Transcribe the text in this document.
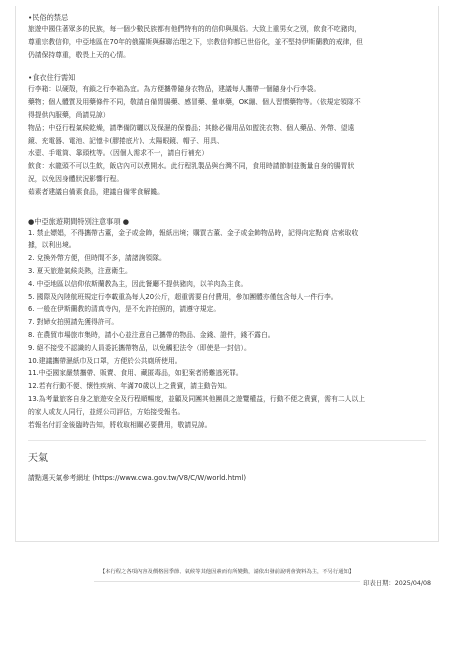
•民俗的禁忌

旅遊中國住著眾多的民族，每一個少數民族都有他們特有的的信仰與風俗。大致上重男女之別，飲食不吃豬肉，

尊重宗教信仰，中亞地區在70年的俄羅斯與蘇聯治理之下，宗教信仰都已世俗化，並不堅持伊斯蘭教的戒律，但

仍請保持尊重，敬畏上天的心情。

•食衣住行需知

行李箱：以硬殼，有鎖之行李箱為宜。為方便攜帶隨身衣物品，建議每人攜帶一個隨身小行李袋。

藥物；個人體質及用藥條件不同，敬請自備胃腸藥、感冒藥、暈車藥，OK繃、個人習慣藥物等。（依規定領隊不

得提供內服藥，尚請見諒）

物品；中亞行程氣候乾燥，請準備防曬以及保濕的保養品；其餘必備用品如盥洗衣物、個人藥品、外幣、望遠

鏡、充電器、電池、記憶卡(膠捲底片)、太陽眼鏡、帽子、用具、

水壺、手電筒、靠頭枕等。（因個人需求不一，請自行補充）

飲食：水龍頭不可以生飲，飯店內可以煮開水。此行程乳製品與台灣不同，食用時請節制並衡量自身的腸胃狀

況，以免因身體狀況影響行程。

茹素者建議自備素食品，建議自備零食解饞。

●中亞旅遊期間特別注意事項 ●

1. 禁止嫖娼，不得攜帶古董，金子或金飾，報紙出境；購買古董、金子或金飾物品時，記得向定點商 店索取收

據，以利出境。

2. 兌換外幣方便，但時間不多，請諸詢領隊。

3. 夏天旅遊氣候炎熱，注意衛生。

4. 中亞地區以信仰依斯蘭教為主，因此餐廳不提供豬肉，以羊肉為主食。

5. 國際及內陸航班規定行李載重為每人20公斤，超重需要自付費用，參加團體亦僅包含每人一件行李。

6. 一般在伊斯蘭教的清真寺內，是不允許拍照的，請遵守規定。

7. 對婦女拍照請先獲得許可。

8. 在農貿市場旅市集時，請小心並注意自己攜帶的物品、金錢、證件，錢不露白。

9. 絕不接受不認識的人員委託攜帶物品，以免觸犯法令（即使是一封信）。

10.建議攜帶濕紙巾及口罩，方便於公共廁所使用。

11.中亞國家嚴禁攜帶、販賣、食用、藏匿毒品，如犯案者將難逃死罪。

12.若有行動不便、懷性疾病、年滿70歲以上之貴賓，請主動告知。

13.為考量旅客自身之旅遊安全及行程順暢度，並顧及同團其他團員之遊覽權益，行動不便之貴賓，需有二人以上

的家人或友人同行，並經公司評估，方始接受報名。

若報名付訂金後臨時告知，將收取相關必要費用，敬請見諒。

天氣

請點選天氣參考網址 (https://www.cwa.gov.tw/V8/C/W/world.html)

【本行程之各項內容及價格因季節、氣候等其他因素而有所變動，請依出發前說明會資料為主，不另行通知】
印表日期：2025/04/08
